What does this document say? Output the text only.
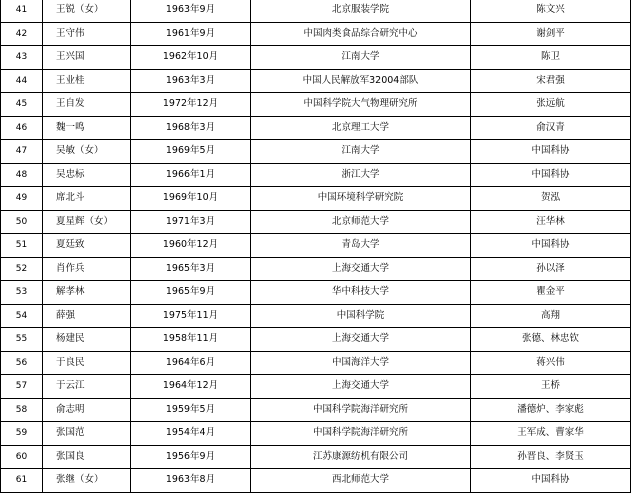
41	王锐（女）	1963年9月	北京服装学院	陈文兴
42	王守伟	1961年9月	中国肉类食品综合研究中心	谢剑平
43	王兴国	1962年10月	江南大学	陈卫
44	王业桂	1963年3月	中国人民解放军32004部队	宋君强
45	王自发	1972年12月	中国科学院大气物理研究所	张远航
46	魏一鸣	1968年3月	北京理工大学	俞汉青
47	吴敏（女）	1969年5月	江南大学	中国科协
48	吴忠标	1966年1月	浙江大学	中国科协
49	席北斗	1969年10月	中国环境科学研究院	贺泓
50	夏星辉（女）	1971年3月	北京师范大学	汪华林
51	夏廷致	1960年12月	青岛大学	中国科协
52	肖作兵	1965年3月	上海交通大学	孙以泽
53	解孝林	1965年9月	华中科技大学	瞿金平
54	薛强	1975年11月	中国科学院	高翔
55	杨建民	1958年11月	上海交通大学	张德、林忠钦
56	于良民	1964年6月	中国海洋大学	蒋兴伟
57	于云江	1964年12月	上海交通大学	王桥
58	俞志明	1959年5月	中国科学院海洋研究所	潘德炉、李家彪
59	张国范	1954年4月	中国科学院海洋研究所	王军成、曹家华
60	张国良	1956年9月	江苏康源纺机有限公司	孙晋良、李贤玉
61	张继（女）	1963年8月	西北师范大学	中国科协
